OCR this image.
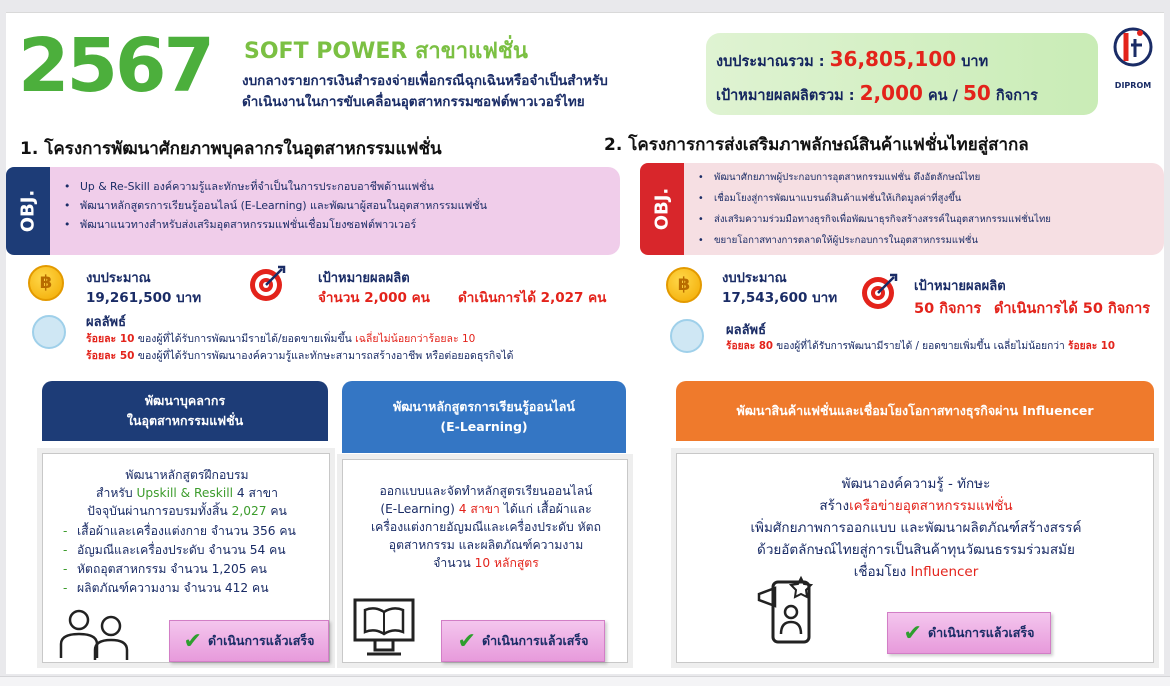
2567 SOFT POWER สาขาแฟชั่น
งบกลางรายการเงินสำรองจ่ายเพื่อกรณีฉุกเฉินหรือจำเป็นสำหรับ
ดำเนินงานในการขับเคลื่อนอุตสาหกรรมซอฟต์พาวเวอร์ไทย
งบประมาณรวม : 36,805,100 บาท
เป้าหมายผลผลิตรวม : 2,000 คน / 50 กิจการ
DIPROM
1. โครงการพัฒนาศักยภาพบุคลากรในอุตสาหกรรมแฟชั่น
OBJ.
• Up & Re-Skill องค์ความรู้และทักษะที่จำเป็นในการประกอบอาชีพด้านแฟชั่น
• พัฒนาหลักสูตรการเรียนรู้ออนไลน์ (E-Learning) และพัฒนาผู้สอนในอุตสาหกรรมแฟชั่น
• พัฒนาแนวทางสำหรับส่งเสริมอุตสาหกรรมแฟชั่นเชื่อมโยงซอฟต์พาวเวอร์
฿	งบประมาณ
19,261,500 บาท
เป้าหมายผลผลิต
จำนวน 2,000 คน ดำเนินการได้ 2,027 คน
ผลลัพธ์
ร้อยละ 10 ของผู้ที่ได้รับการพัฒนามีรายได้/ยอดขายเพิ่มขึ้น เฉลี่ยไม่น้อยกว่าร้อยละ 10
ร้อยละ 50 ของผู้ที่ได้รับการพัฒนาองค์ความรู้และทักษะสามารถสร้างอาชีพ หรือต่อยอดธุรกิจได้
2. โครงการการส่งเสริมภาพลักษณ์สินค้าแฟชั่นไทยสู่สากล
OBJ.
• พัฒนาศักยภาพผู้ประกอบการอุตสาหกรรมแฟชั่น ดึงอัตลักษณ์ไทย
• เชื่อมโยงสู่การพัฒนาแบรนด์สินค้าแฟชั่นให้เกิดมูลค่าที่สูงขึ้น
• ส่งเสริมความร่วมมือทางธุรกิจเพื่อพัฒนาธุรกิจสร้างสรรค์ในอุตสาหกรรมแฟชั่นไทย
• ขยายโอกาสทางการตลาดให้ผู้ประกอบการในอุตสาหกรรมแฟชั่น
฿	งบประมาณ
17,543,600 บาท
เป้าหมายผลผลิต
50 กิจการ ดำเนินการได้ 50 กิจการ
ผลลัพธ์
ร้อยละ 80 ของผู้ที่ได้รับการพัฒนามีรายได้ / ยอดขายเพิ่มขึ้น เฉลี่ยไม่น้อยกว่า ร้อยละ 10
พัฒนาบุคลากร
ในอุตสาหกรรมแฟชั่น
พัฒนาหลักสูตรฝึกอบรม
สำหรับ Upskill & Reskill 4 สาขา
ปัจจุบันผ่านการอบรมทั้งสิ้น 2,027 คน
- เสื้อผ้าและเครื่องแต่งกาย จำนวน 356 คน
- อัญมณีและเครื่องประดับ จำนวน 54 คน
- หัตถอุตสาหกรรม จำนวน 1,205 คน
- ผลิตภัณฑ์ความงาม จำนวน 412 คน
✔ ดำเนินการแล้วเสร็จ
พัฒนาหลักสูตรการเรียนรู้ออนไลน์
(E-Learning)
ออกแบบและจัดทำหลักสูตรเรียนออนไลน์
(E-Learning) 4 สาขา ได้แก่ เสื้อผ้าและ
เครื่องแต่งกายอัญมณีและเครื่องประดับ หัตถ
อุตสาหกรรม และผลิตภัณฑ์ความงาม
จำนวน 10 หลักสูตร
✔ ดำเนินการแล้วเสร็จ
พัฒนาสินค้าแฟชั่นและเชื่อมโยงโอกาสทางธุรกิจผ่าน Influencer
พัฒนาองค์ความรู้ - ทักษะ
สร้างเครือข่ายอุตสาหกรรมแฟชั่น
เพิ่มศักยภาพการออกแบบ และพัฒนาผลิตภัณฑ์สร้างสรรค์
ด้วยอัตลักษณ์ไทยสู่การเป็นสินค้าทุนวัฒนธรรมร่วมสมัย
เชื่อมโยง Influencer
✔ ดำเนินการแล้วเสร็จ
